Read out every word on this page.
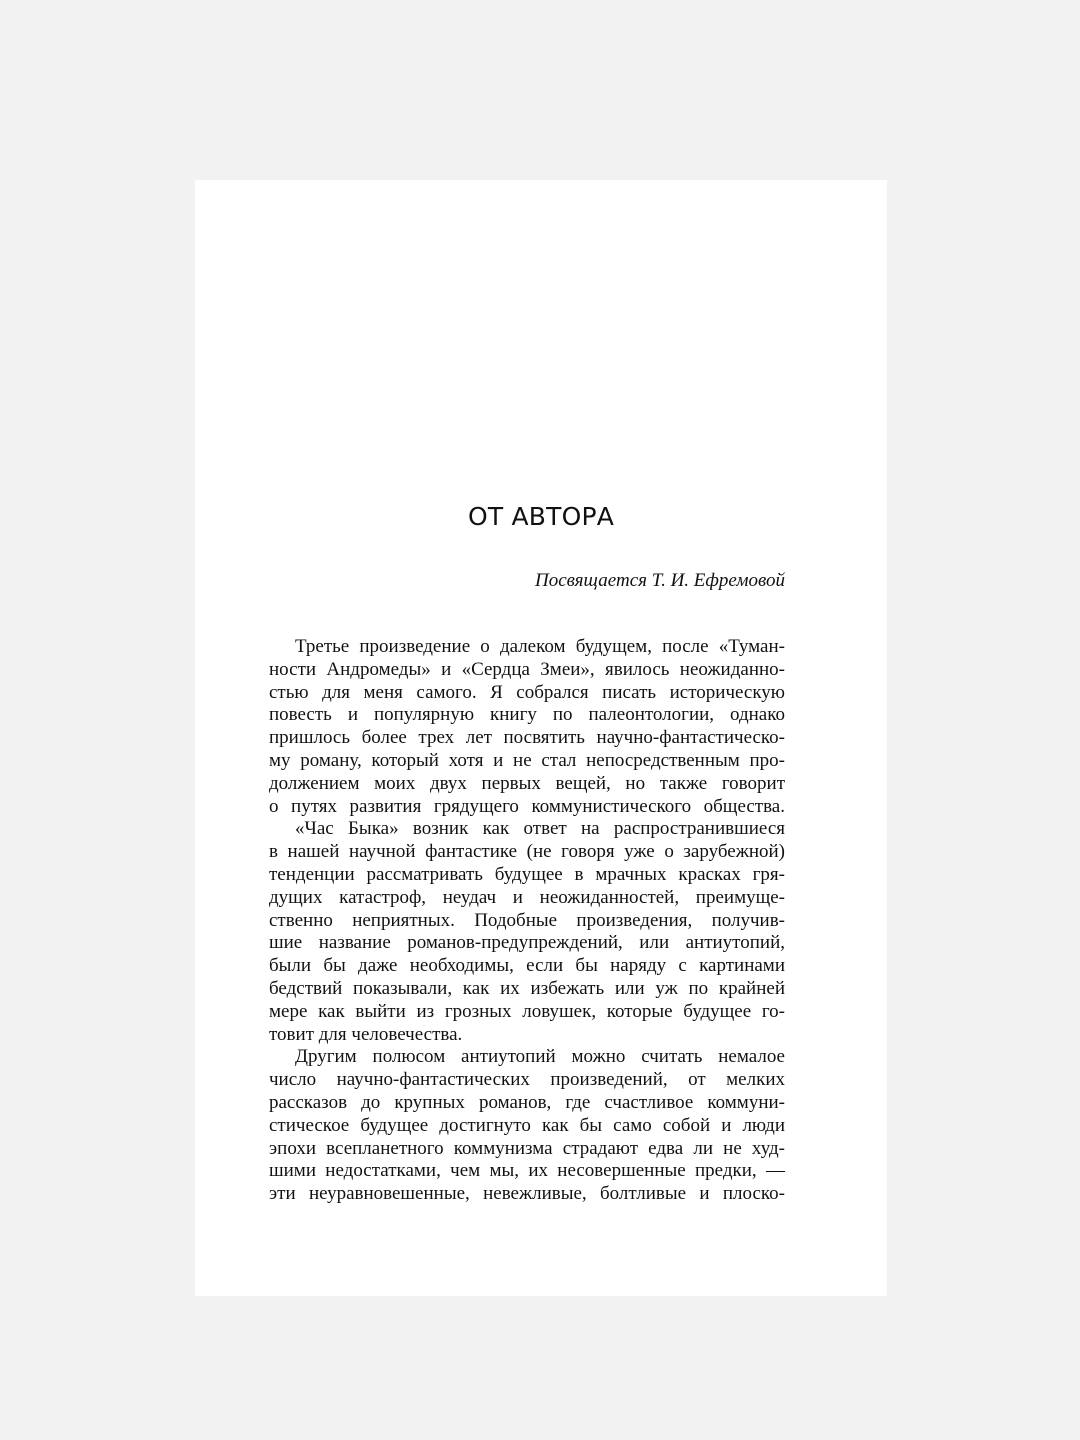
ОТ АВТОРА

Посвящается Т. И. Ефремовой

Третье произведение о далеком будущем, после «Туман-
ности Андромеды» и «Сердца Змеи», явилось неожиданно-
стью для меня самого. Я собрался писать историческую
повесть и популярную книгу по палеонтологии, однако
пришлось более трех лет посвятить научно-фантастическо-
му роману, который хотя и не стал непосредственным про-
должением моих двух первых вещей, но также говорит
о путях развития грядущего коммунистического общества.

«Час Быка» возник как ответ на распространившиеся
в нашей научной фантастике (не говоря уже о зарубежной)
тенденции рассматривать будущее в мрачных красках гря-
дущих катастроф, неудач и неожиданностей, преимуще-
ственно неприятных. Подобные произведения, получив-
шие название романов-предупреждений, или антиутопий,
были бы даже необходимы, если бы наряду с картинами
бедствий показывали, как их избежать или уж по крайней
мере как выйти из грозных ловушек, которые будущее го-
товит для человечества.

Другим полюсом антиутопий можно считать немалое
число научно-фантастических произведений, от мелких
рассказов до крупных романов, где счастливое коммуни-
стическое будущее достигнуто как бы само собой и люди
эпохи всепланетного коммунизма страдают едва ли не худ-
шими недостатками, чем мы, их несовершенные предки, —
эти неуравновешенные, невежливые, болтливые и плоско-
